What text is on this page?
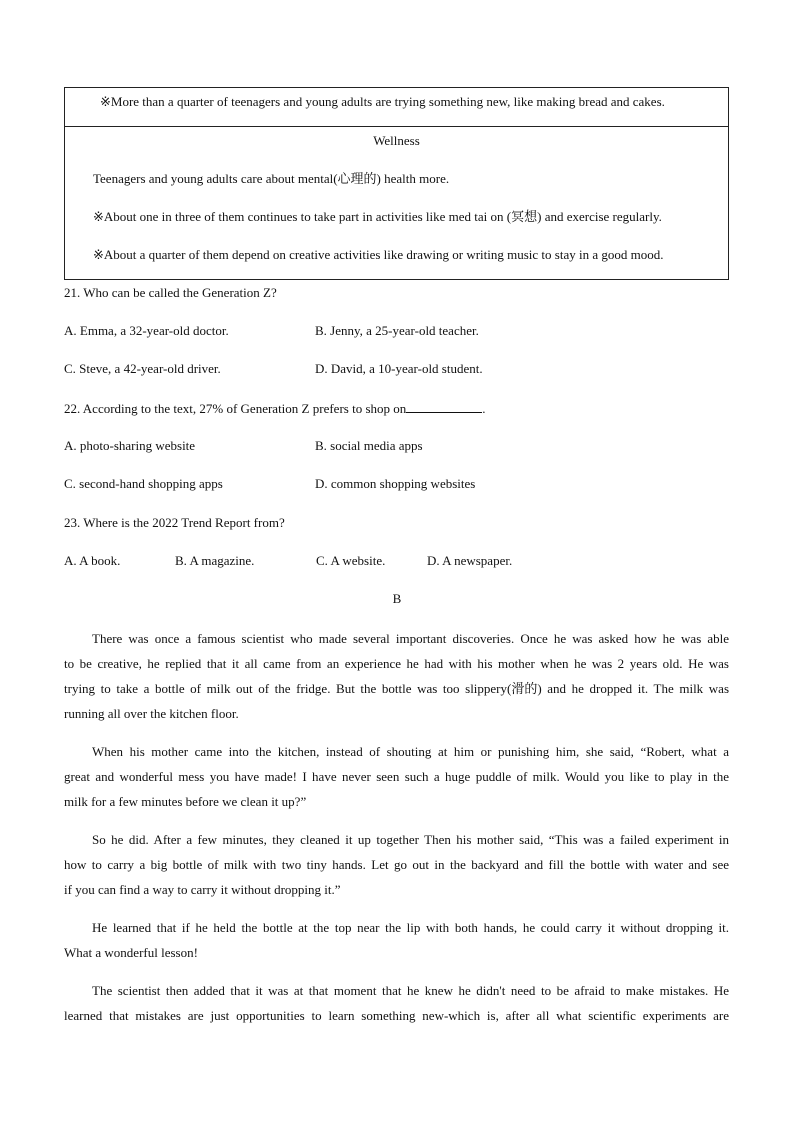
※More than a quarter of teenagers and young adults are trying something new, like making bread and cakes.
Wellness
Teenagers and young adults care about mental(心理的) health more.
※About one in three of them continues to take part in activities like med tai on (冥想) and exercise regularly.
※About a quarter of them depend on creative activities like drawing or writing music to stay in a good mood.
21. Who can be called the Generation Z?
A. Emma, a 32-year-old doctor.	B. Jenny, a 25-year-old teacher.
C. Steve, a 42-year-old driver.	D. David, a 10-year-old student.
22. According to the text, 27% of Generation Z prefers to shop on	.
A. photo-sharing website	B. social media apps
C. second-hand shopping apps	D. common shopping websites
23. Where is the 2022 Trend Report from?
A. A book.	B. A magazine.	C. A website.	D. A newspaper.
B
There was once a famous scientist who made several important discoveries. Once he was asked how he was able
to be creative, he replied that it all came from an experience he had with his mother when he was 2 years old. He was
trying to take a bottle of milk out of the fridge. But the bottle was too slippery(滑的) and he dropped it. The milk was
running all over the kitchen floor.
When his mother came into the kitchen, instead of shouting at him or punishing him, she said, “Robert, what a
great and wonderful mess you have made! I have never seen such a huge puddle of milk. Would you like to play in the
milk for a few minutes before we clean it up?”
So he did. After a few minutes, they cleaned it up together Then his mother said, “This was a failed experiment in
how to carry a big bottle of milk with two tiny hands. Let go out in the backyard and fill the bottle with water and see
if you can find a way to carry it without dropping it.”
He learned that if he held the bottle at the top near the lip with both hands, he could carry it without dropping it.
What a wonderful lesson!
The scientist then added that it was at that moment that he knew he didn't need to be afraid to make mistakes. He
learned that mistakes are just opportunities to learn something new-which is, after all what scientific experiments are
